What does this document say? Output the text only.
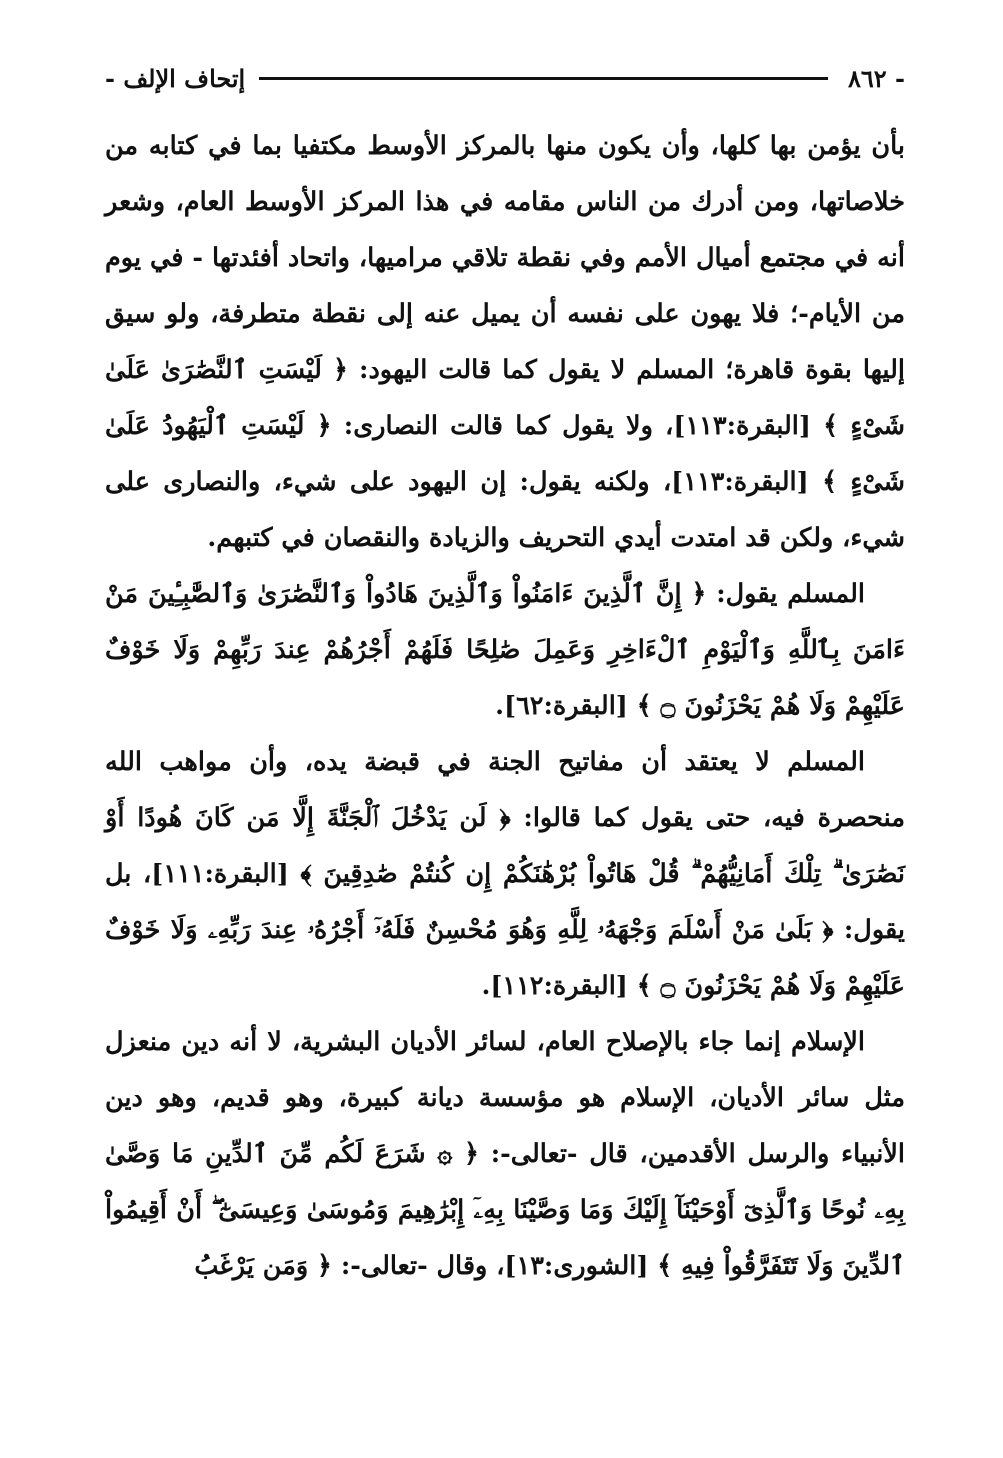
- ٨٦٢
إتحاف الإلف -

بأن يؤمن بها كلها، وأن يكون منها بالمركز الأوسط مكتفيا بما في كتابه من خلاصاتها، ومن أدرك من الناس مقامه في هذا المركز الأوسط العام، وشعر أنه في مجتمع أميال الأمم وفي نقطة تلاقي مراميها، واتحاد أفئدتها - في يوم من الأيام-؛ فلا يهون على نفسه أن يميل عنه إلى نقطة متطرفة، ولو سيق إليها بقوة قاهرة؛ المسلم لا يقول كما قالت اليهود: ﴿ لَيْسَتِ ٱلنَّصَٰرَىٰ عَلَىٰ شَىْءٍ ﴾ [البقرة:١١٣]، ولا يقول كما قالت النصارى: ﴿ لَيْسَتِ ٱلْيَهُودُ عَلَىٰ شَىْءٍ ﴾ [البقرة:١١٣]، ولكنه يقول: إن اليهود على شيء، والنصارى على شيء، ولكن قد امتدت أيدي التحريف والزيادة والنقصان في كتبهم.

المسلم يقول: ﴿ إِنَّ ٱلَّذِينَ ءَامَنُواْ وَٱلَّذِينَ هَادُواْ وَٱلنَّصَٰرَىٰ وَٱلصَّٰبِـِٔينَ مَنْ ءَامَنَ بِٱللَّهِ وَٱلْيَوْمِ ٱلْءَاخِرِ وَعَمِلَ صَٰلِحًا فَلَهُمْ أَجْرُهُمْ عِندَ رَبِّهِمْ وَلَا خَوْفٌ عَلَيْهِمْ وَلَا هُمْ يَحْزَنُونَ ۝ ﴾ [البقرة:٦٢].

المسلم لا يعتقد أن مفاتيح الجنة في قبضة يده، وأن مواهب الله منحصرة فيه، حتى يقول كما قالوا: ﴿ لَن يَدْخُلَ ٱلْجَنَّةَ إِلَّا مَن كَانَ هُودًا أَوْ نَصَٰرَىٰ ۗ تِلْكَ أَمَانِيُّهُمْ ۗ قُلْ هَاتُواْ بُرْهَٰنَكُمْ إِن كُنتُمْ صَٰدِقِينَ ﴾ [البقرة:١١١]، بل يقول: ﴿ بَلَىٰ مَنْ أَسْلَمَ وَجْهَهُۥ لِلَّهِ وَهُوَ مُحْسِنٌ فَلَهُۥٓ أَجْرُهُۥ عِندَ رَبِّهِۦ وَلَا خَوْفٌ عَلَيْهِمْ وَلَا هُمْ يَحْزَنُونَ ۝ ﴾ [البقرة:١١٢].

الإسلام إنما جاء بالإصلاح العام، لسائر الأديان البشرية، لا أنه دين منعزل مثل سائر الأديان، الإسلام هو مؤسسة ديانة كبيرة، وهو قديم، وهو دين الأنبياء والرسل الأقدمين، قال -تعالى-: ﴿ ۞ شَرَعَ لَكُم مِّنَ ٱلدِّينِ مَا وَصَّىٰ بِهِۦ نُوحًا وَٱلَّذِىٓ أَوْحَيْنَآ إِلَيْكَ وَمَا وَصَّيْنَا بِهِۦٓ إِبْرَٰهِيمَ وَمُوسَىٰ وَعِيسَىٰٓ ۖ أَنْ أَقِيمُواْ ٱلدِّينَ وَلَا تَتَفَرَّقُواْ فِيهِ ﴾ [الشورى:١٣]، وقال -تعالى-: ﴿ وَمَن يَرْغَبُ
